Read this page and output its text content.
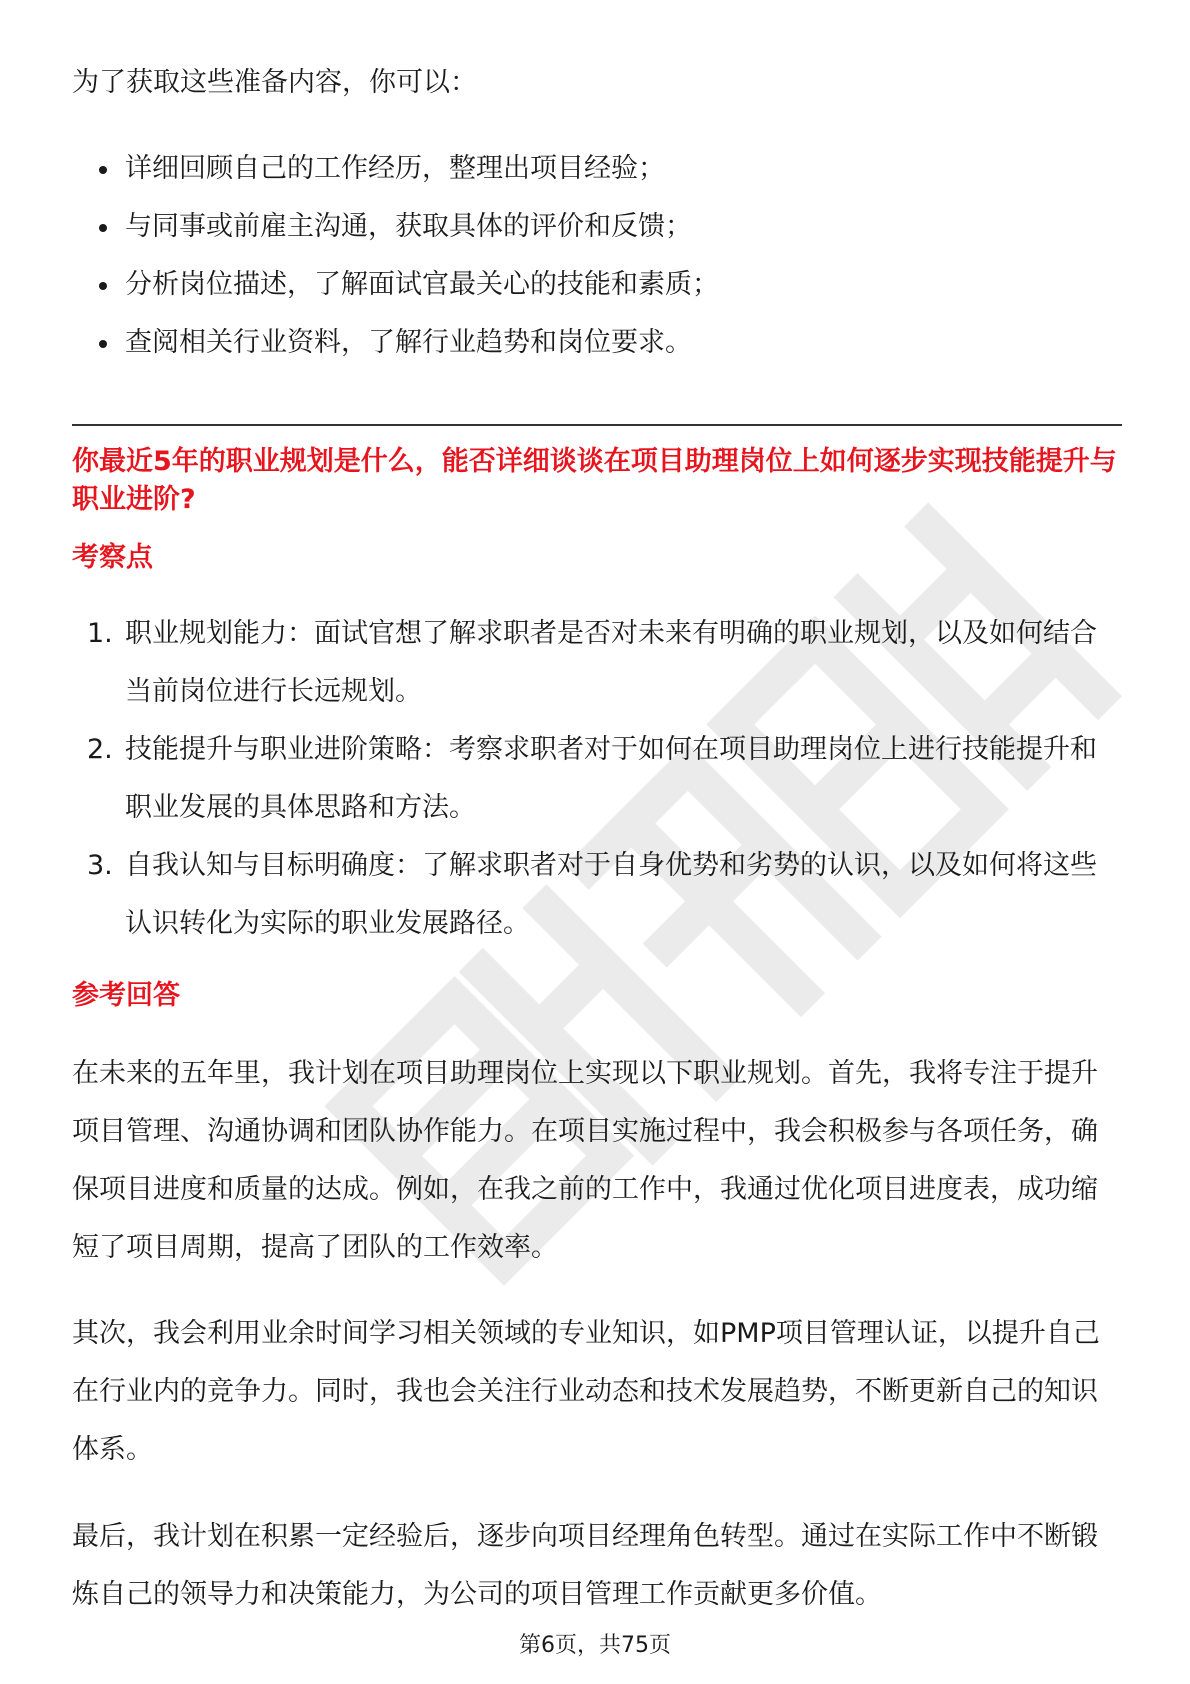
为了获取这些准备内容，你可以：

详细回顾自己的工作经历，整理出项目经验；
与同事或前雇主沟通，获取具体的评价和反馈；
分析岗位描述，了解面试官最关心的技能和素质；
查阅相关行业资料，了解行业趋势和岗位要求。
你最近5年的职业规划是什么，能否详细谈谈在项目助理岗位上如何逐步实现技能提升与职业进阶?
考察点
1. 职业规划能力：面试官想了解求职者是否对未来有明确的职业规划，以及如何结合当前岗位进行长远规划。
2. 技能提升与职业进阶策略：考察求职者对于如何在项目助理岗位上进行技能提升和职业发展的具体思路和方法。
3. 自我认知与目标明确度：了解求职者对于自身优势和劣势的认识，以及如何将这些认识转化为实际的职业发展路径。
参考回答

在未来的五年里，我计划在项目助理岗位上实现以下职业规划。首先，我将专注于提升项目管理、沟通协调和团队协作能力。在项目实施过程中，我会积极参与各项任务，确保项目进度和质量的达成。例如，在我之前的工作中，我通过优化项目进度表，成功缩短了项目周期，提高了团队的工作效率。

其次，我会利用业余时间学习相关领域的专业知识，如PMP项目管理认证，以提升自己在行业内的竞争力。同时，我也会关注行业动态和技术发展趋势，不断更新自己的知识体系。

最后，我计划在积累一定经验后，逐步向项目经理角色转型。通过在实际工作中不断锻炼自己的领导力和决策能力，为公司的项目管理工作贡献更多价值。

第6页，共75页
